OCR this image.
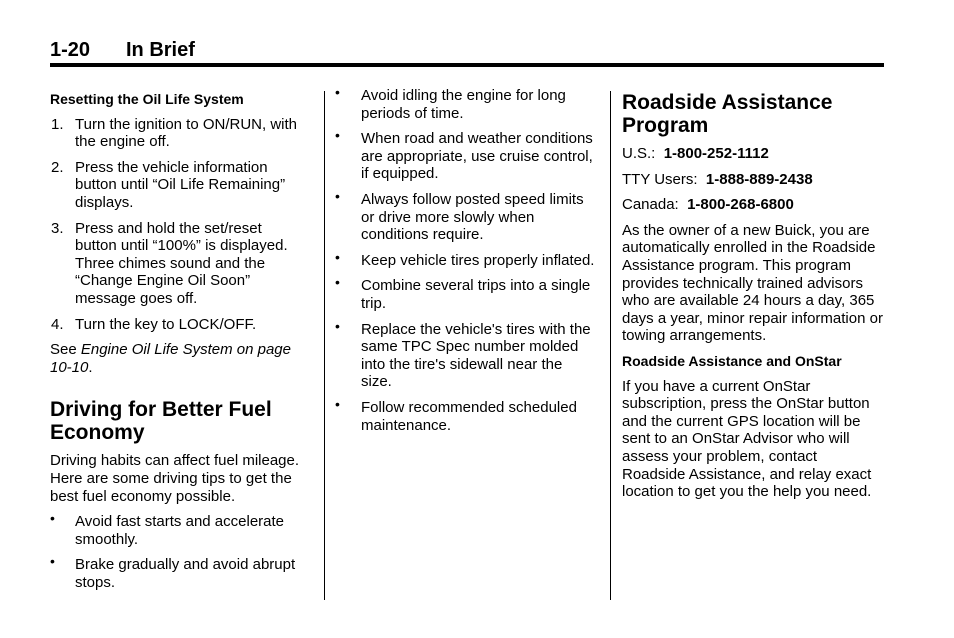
1-20 In Brief
Resetting the Oil Life System
1. Turn the ignition to ON/RUN, with the engine off.
2. Press the vehicle information button until “Oil Life Remaining” displays.
3. Press and hold the set/reset button until “100%” is displayed. Three chimes sound and the “Change Engine Oil Soon” message goes off.
4. Turn the key to LOCK/OFF.

See Engine Oil Life System on page 10-10.

Driving for Better Fuel Economy

Driving habits can affect fuel mileage. Here are some driving tips to get the best fuel economy possible.

• Avoid fast starts and accelerate smoothly.
• Brake gradually and avoid abrupt stops.
• Avoid idling the engine for long periods of time.
• When road and weather conditions are appropriate, use cruise control, if equipped.
• Always follow posted speed limits or drive more slowly when conditions require.
• Keep vehicle tires properly inflated.
• Combine several trips into a single trip.
• Replace the vehicle's tires with the same TPC Spec number molded into the tire's sidewall near the size.
• Follow recommended scheduled maintenance.
Roadside Assistance Program

U.S.: 1-800-252-1112

TTY Users: 1-888-889-2438

Canada: 1-800-268-6800

As the owner of a new Buick, you are automatically enrolled in the Roadside Assistance program. This program provides technically trained advisors who are available 24 hours a day, 365 days a year, minor repair information or towing arrangements.

Roadside Assistance and OnStar

If you have a current OnStar subscription, press the OnStar button and the current GPS location will be sent to an OnStar Advisor who will assess your problem, contact Roadside Assistance, and relay exact location to get you the help you need.
